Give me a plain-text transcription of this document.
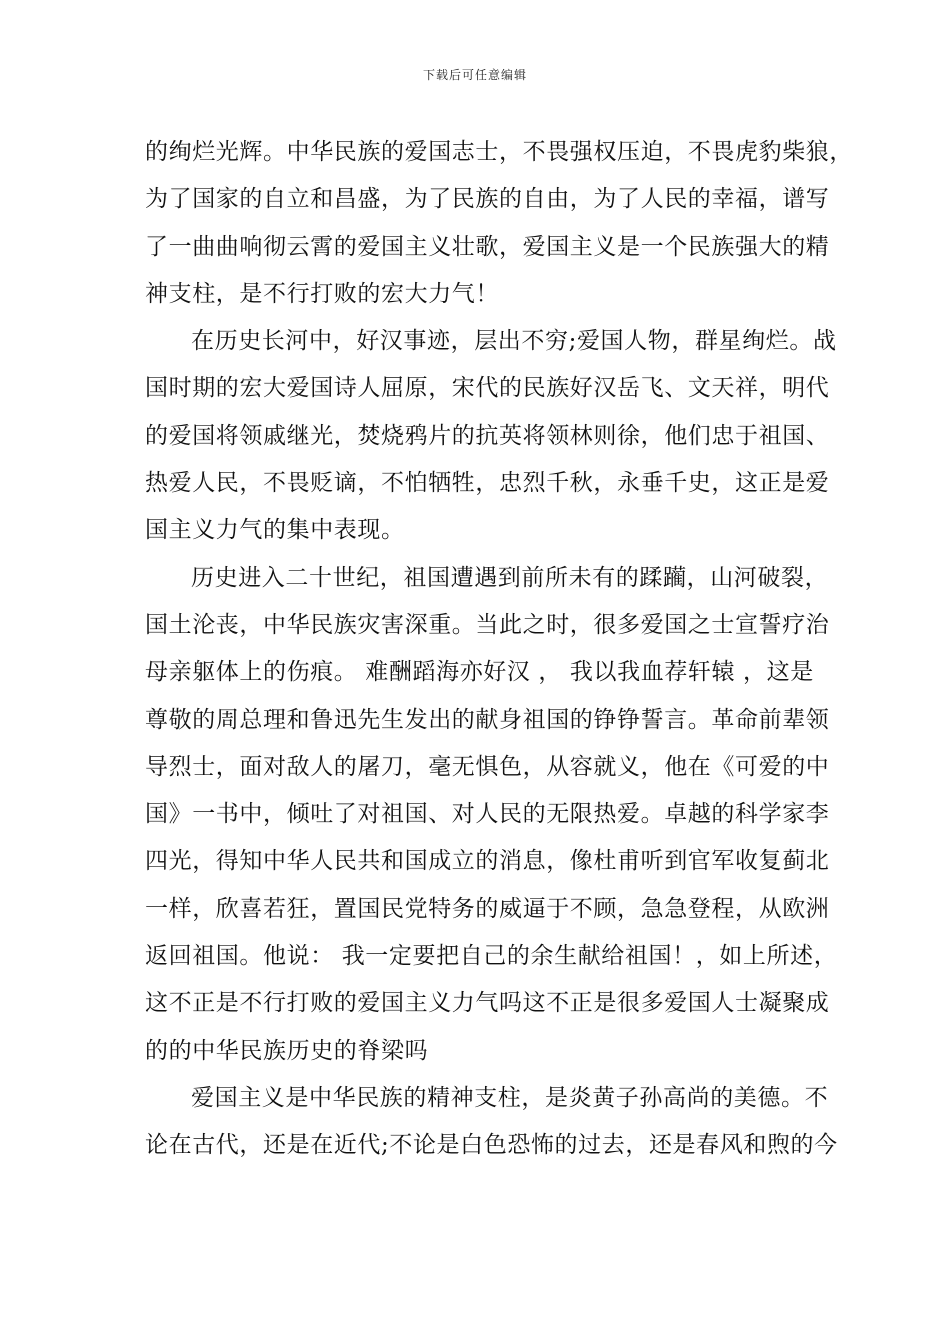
下载后可任意编辑
的绚烂光辉。中华民族的爱国志士，不畏强权压迫，不畏虎豹柴狼，
为了国家的自立和昌盛，为了民族的自由，为了人民的幸福，谱写
了一曲曲响彻云霄的爱国主义壮歌，爱国主义是一个民族强大的精
神支柱，是不行打败的宏大力气！
在历史长河中，好汉事迹，层出不穷;爱国人物，群星绚烂。战
国时期的宏大爱国诗人屈原，宋代的民族好汉岳飞、文天祥，明代
的爱国将领戚继光，焚烧鸦片的抗英将领林则徐，他们忠于祖国、
热爱人民，不畏贬谪，不怕牺牲，忠烈千秋，永垂千史，这正是爱
国主义力气的集中表现。
历史进入二十世纪，祖国遭遇到前所未有的蹂躏，山河破裂，
国土沦丧，中华民族灾害深重。当此之时，很多爱国之士宣誓疗治
母亲躯体上的伤痕。 难酬蹈海亦好汉 ， 我以我血荐轩辕 ，这是
尊敬的周总理和鲁迅先生发出的献身祖国的铮铮誓言。革命前辈领
导烈士，面对敌人的屠刀，毫无惧色，从容就义，他在《可爱的中
国》一书中，倾吐了对祖国、对人民的无限热爱。卓越的科学家李
四光，得知中华人民共和国成立的消息，像杜甫听到官军收复蓟北
一样，欣喜若狂，置国民党特务的威逼于不顾，急急登程，从欧洲
返回祖国。他说： 我一定要把自己的余生献给祖国！，如上所述，
这不正是不行打败的爱国主义力气吗这不正是很多爱国人士凝聚成
的的中华民族历史的脊梁吗
爱国主义是中华民族的精神支柱，是炎黄子孙高尚的美德。不
论在古代，还是在近代;不论是白色恐怖的过去，还是春风和煦的今
